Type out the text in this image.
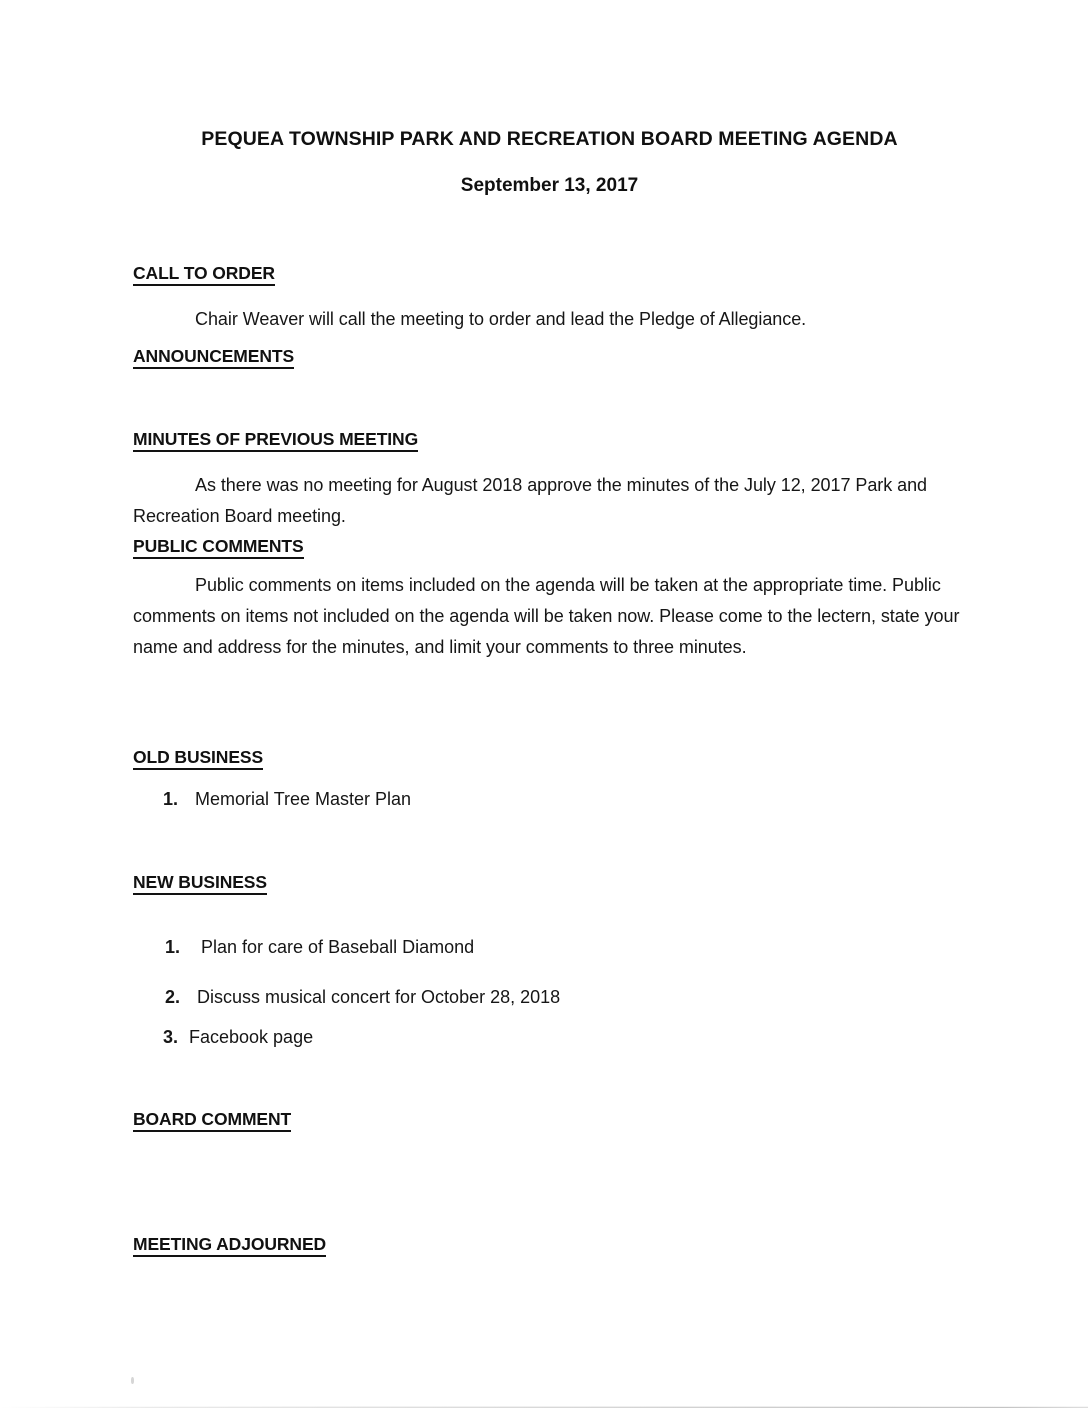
PEQUEA TOWNSHIP PARK AND RECREATION BOARD MEETING AGENDA
September 13, 2017
CALL TO ORDER
Chair Weaver will call the meeting to order and lead the Pledge of Allegiance.
ANNOUNCEMENTS
MINUTES OF PREVIOUS MEETING
As there was no meeting for August 2018 approve the minutes of the July 12, 2017 Park and Recreation Board meeting.
PUBLIC COMMENTS
Public comments on items included on the agenda will be taken at the appropriate time. Public comments on items not included on the agenda will be taken now. Please come to the lectern, state your name and address for the minutes, and limit your comments to three minutes.
OLD BUSINESS
1. Memorial Tree Master Plan
NEW BUSINESS
1. Plan for care of Baseball Diamond
2. Discuss musical concert for October 28, 2018
3. Facebook page
BOARD COMMENT
MEETING ADJOURNED
